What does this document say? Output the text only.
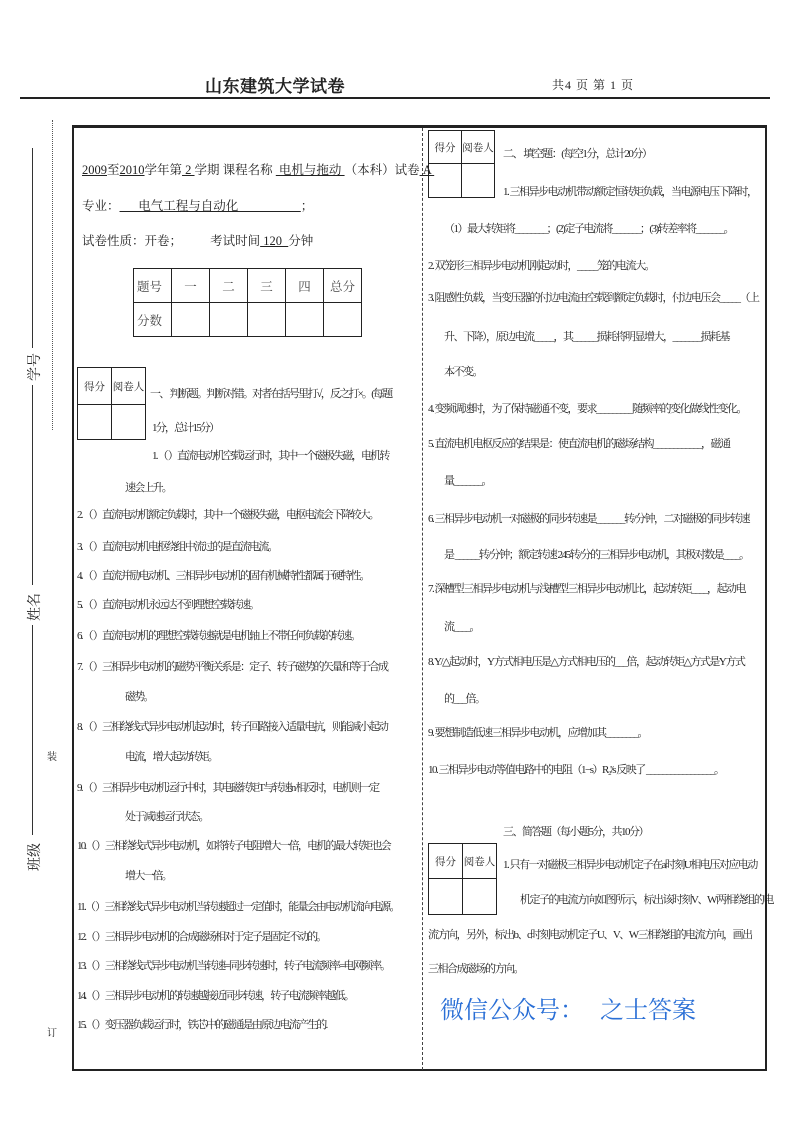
山东建筑大学试卷	共4 页 第 1 页
学号
姓名
班级
装
订
2009至2010学年第 2 学期 课程名称  电机与拖动 （本科）试卷 A
专业：      电气工程与自动化                    ；
试卷性质：开卷；         考试时间 120  分钟
题号	一	二	三	四	总分
分数					
得分	阅卷人

得分	阅卷人

得分	阅卷人

一、 判断题。判断对错。对者在括号里打√，反之打×。(每题
1分，总计15分）
1. （ ）直流电动机空载运行时，其中一个磁极失磁，电机转
速会上升。
2. （ ）直流电动机额定负载时，其中一个磁极失磁，电枢电流会下降较大。
3. （ ）直流电动机电枢绕组中流过的是直流电流。
4. （ ）直流并励电动机、三相异步电动机的固有机械特性都属于硬特性。
5. （ ）直流电动机永远达不到理想空载转速。
6. （ ）直流电动机的理想空载转速就是电机轴上不带任何负载的转速。
7. （ ）三相异步电动机的磁势平衡关系是：定子、转子磁势的矢量和等于合成
磁势。
8. （ ）三相绕线式异步电动机起动时，转子回路接入适量电抗，则能减小起动
电流，增大起动转矩。
9. （ ）三相异步电动机运行中时，其电磁转矩T与转速n 相反时，电机则一定
处于减速运行状态。
10.（ ）三相绕线式异步电动机，如将转子电阻增大一倍，电机的最大转矩也会
增大一倍。
11.（ ）三相绕线式异步电动机当转速超过一定值时，能量会由电动机流向电源。
12.（ ）三相异步电动机的合成磁场相对于定子是固定不动的。
13.（ ）三相绕线式异步电动机当转速=同步转速时，转子电流频率=电网频率。
14.（ ）三相异步电动机的转速越接近同步转速，转子电流频率越低。
15.（ ）变压器负载运行时，铁芯中的磁通是由原边电流产生的.
二、 填空题：(每空1分，总计20分）
1. 三相异步电动机带动额定恒转矩负载，当电源电压下降时，
（1）最大转矩将________；(2)定子电流将_______；(3)转差率将_______。
2. 双笼形三相异步电动机刚起动时，_____笼的电流大。
3. 阻感性负载，当变压器的付边电流由空载到额定负载时，付边电压会_____（上
升、下降），原边电流_____，其______损耗将明显增大，_______损耗基
本不变。
4. 变频调速时，为了保持磁通不变，要求_________随频率的变化做线性变化。
5. 直流电机电枢反应的结果是：使直流电机的磁场结构____________，磁通
量_______。
6. 三相异步电动机一对磁极的同步转速是_______转/分钟，二对磁极的同步转速
是 ______转/分钟；额定转速 245转/分的三相异步电动机，其极对数是____。
7. 深槽型三相异步电动机与浅槽型三相异步电动机比，起动转矩____，起动电
流____。
8. Y/△起动时，Y方式相电压是△方式相电压的___倍，起动转矩△方式是Y方式
的___倍。
9. 要想制造低速三相异步电动机，应增加其________。
10. 三相异步电动等值电路中的电阻（1−s）R₂'/s 反映了 _________________。
三、简答题（每小题5分，共10分）
1. 只有一对磁极三相异步电动机定子在a时刻U相电压对应电动
机定子的电流方向如图所示，标出该时刻V、W两相绕组的电
流方向，另外，标出b、c时刻电动机定子U、V、W三相绕组的电流方向，画出
三相合成磁场的方向。
微信公众号： 之士答案
